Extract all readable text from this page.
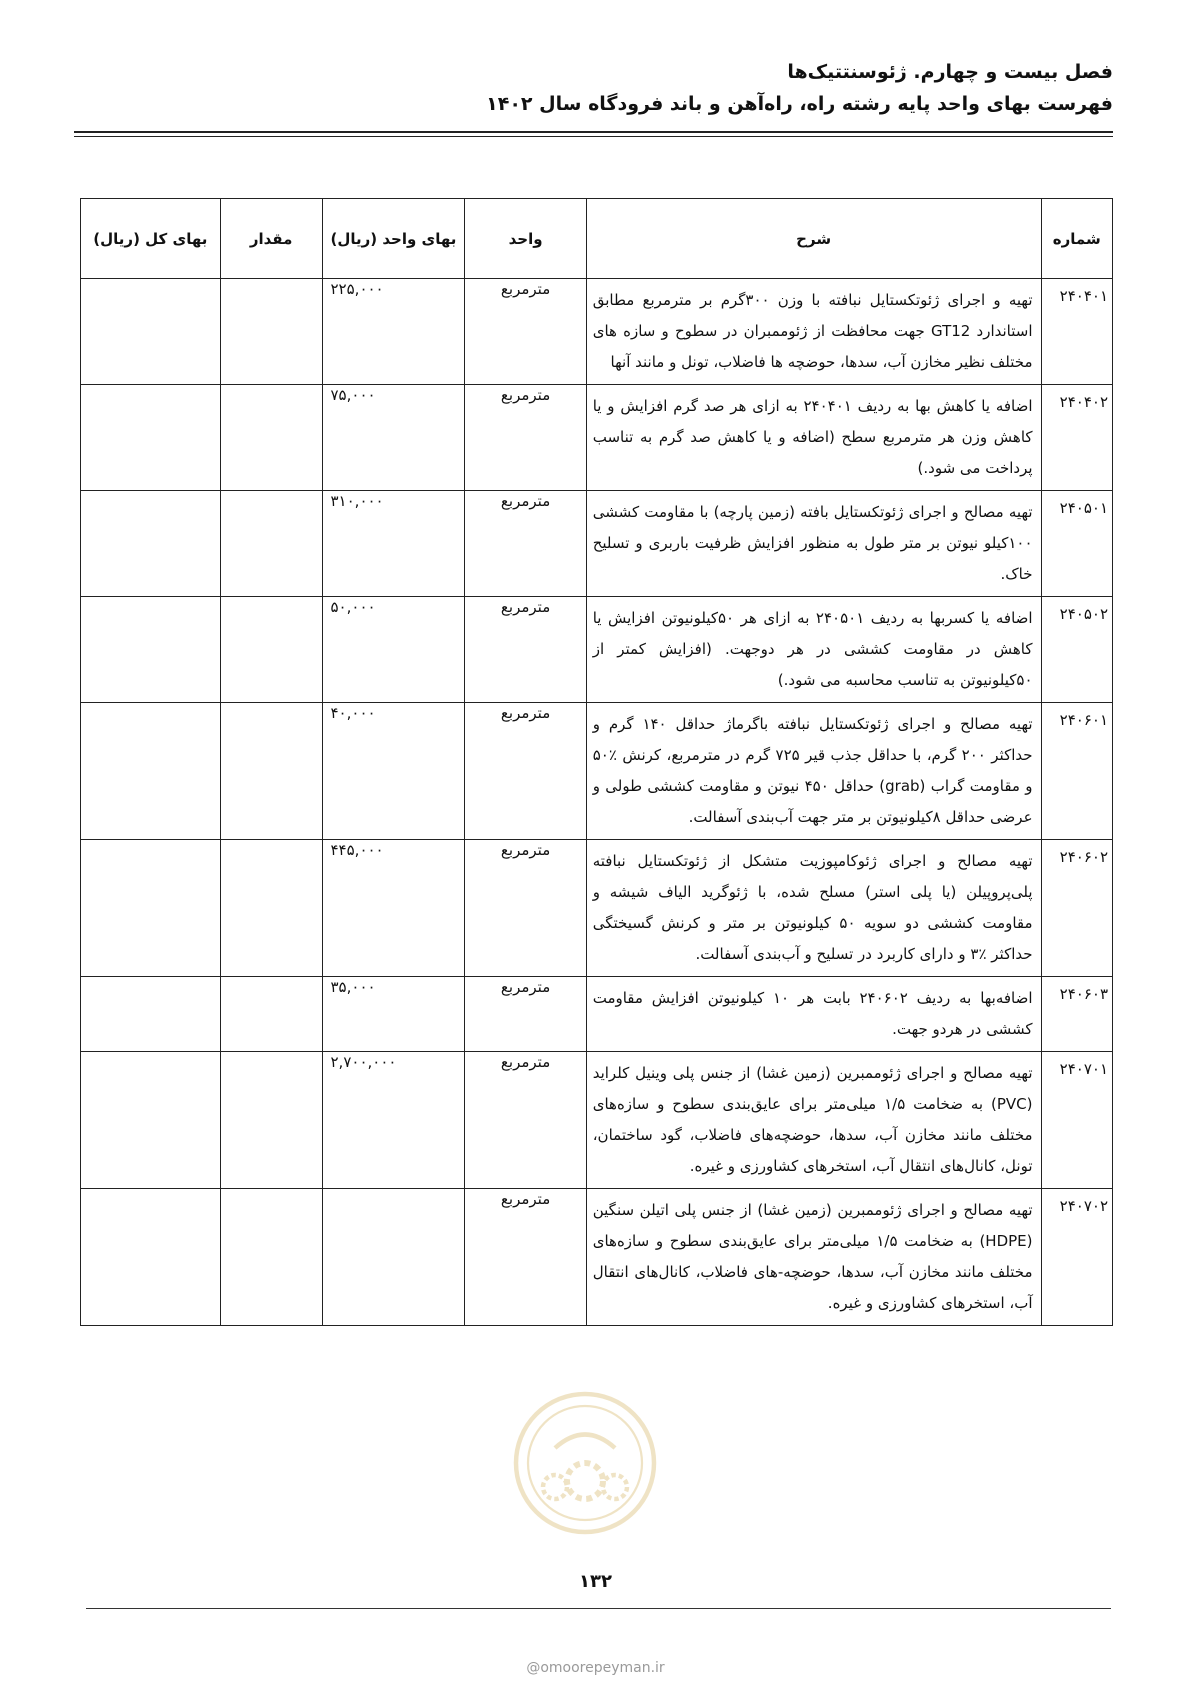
فصل بیست و چهارم. ژئوسنتتیک‌ها
فهرست بهای واحد پایه رشته راه، راه‌آهن و باند فرودگاه سال ۱۴۰۲
شماره	شرح	واحد	بهای واحد (ریال)	مقدار	بهای کل (ریال)
۲۴۰۴۰۱	تهیه و اجرای ژئوتکستایل نبافته با وزن ۳۰۰گرم بر مترمربع مطابق استاندارد GT12 جهت محافظت از ژئوممبران در سطوح و سازه های مختلف نظیر مخازن آب، سدها، حوضچه ها فاضلاب، تونل و مانند آنها	مترمربع	۲۲۵,۰۰۰		
۲۴۰۴۰۲	اضافه یا کاهش بها به ردیف ۲۴۰۴۰۱ به ازای هر صد گرم افزایش و یا کاهش وزن هر مترمربع سطح (اضافه و یا کاهش صد گرم به تناسب پرداخت می شود.)	مترمربع	۷۵,۰۰۰		
۲۴۰۵۰۱	تهیه مصالح و اجرای ژئوتکستایل بافته (زمین پارچه) با مقاومت کششی ۱۰۰کیلو نیوتن بر متر طول به منظور افزایش ظرفیت باربری و تسلیح خاک.	مترمربع	۳۱۰,۰۰۰		
۲۴۰۵۰۲	اضافه یا کسربها به ردیف ۲۴۰۵۰۱ به ازای هر ۵۰کیلونیوتن افزایش یا کاهش در مقاومت کششی در هر دوجهت. (افزایش کمتر از ۵۰کیلونیوتن به تناسب محاسبه می شود.)	مترمربع	۵۰,۰۰۰		
۲۴۰۶۰۱	تهیه مصالح و اجرای ژئوتکستایل نبافته باگرماژ حداقل ۱۴۰ گرم و حداکثر ۲۰۰ گرم، با حداقل جذب قیر ۷۲۵ گرم در مترمربع، کرنش ٪۵۰ و مقاومت گراب (grab) حداقل ۴۵۰ نیوتن و مقاومت کششی طولی و عرضی حداقل ۸کیلونیوتن بر متر جهت آب‌بندی آسفالت.	مترمربع	۴۰,۰۰۰		
۲۴۰۶۰۲	تهیه مصالح و اجرای ژئوکامپوزیت متشکل از ژئوتکستایل نبافته پلی‌پروپیلن (یا پلی استر) مسلح شده، با ژئوگرید الیاف شیشه و مقاومت کششی دو سویه ۵۰ کیلونیوتن بر متر و کرنش گسیختگی حداکثر ٪۳ و دارای کاربرد در تسلیح و آب‌بندی آسفالت.	مترمربع	۴۴۵,۰۰۰		
۲۴۰۶۰۳	اضافه‌بها به ردیف ۲۴۰۶۰۲ بابت هر ۱۰ کیلونیوتن افزایش مقاومت کششی در هردو جهت.	مترمربع	۳۵,۰۰۰		
۲۴۰۷۰۱	تهیه مصالح و اجرای ژئوممبرین (زمین غشا) از جنس پلی وینیل کلراید (PVC) به ضخامت ۱/۵ میلی‌متر برای عایق‌بندی سطوح و سازه‌های مختلف مانند مخازن آب، سدها، حوضچه‌های فاضلاب، گود ساختمان، تونل، کانال‌های انتقال آب، استخرهای کشاورزی و غیره.	مترمربع	۲,۷۰۰,۰۰۰		
۲۴۰۷۰۲	تهیه مصالح و اجرای ژئوممبرین (زمین غشا) از جنس پلی اتیلن سنگین (HDPE) به ضخامت ۱/۵ میلی‌متر برای عایق‌بندی سطوح و سازه‌های مختلف مانند مخازن آب، سدها، حوضچه-های فاضلاب، کانال‌های انتقال آب، استخرهای کشاورزی و غیره.	مترمربع			
۱۳۲
@omoorepeyman.ir
